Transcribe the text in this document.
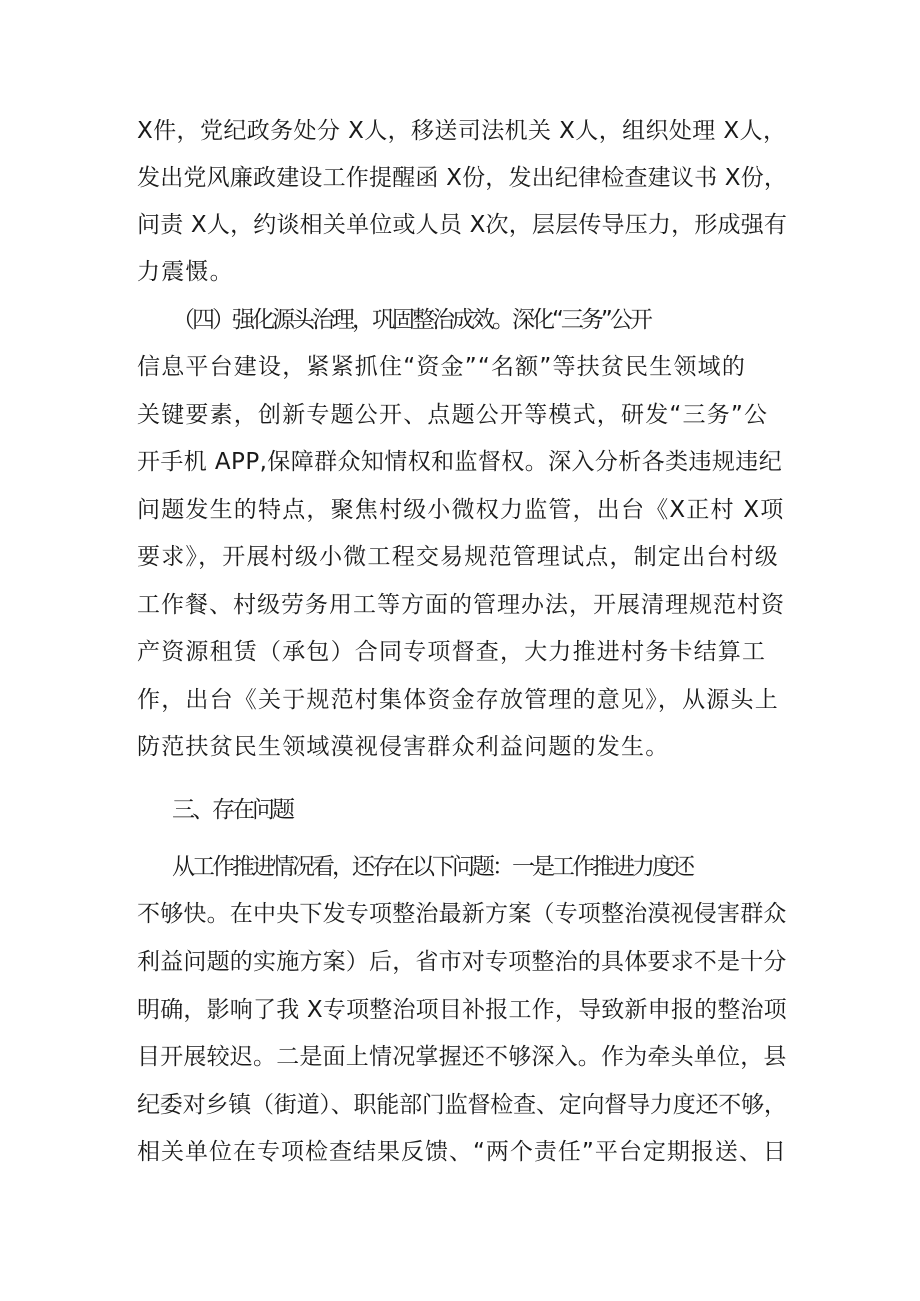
X件，党纪政务处分 X人，移送司法机关 X人，组织处理 X人，
发出党风廉政建设工作提醒函 X份，发出纪律检查建议书 X份，
问责 X人，约谈相关单位或人员 X次，层层传导压力，形成强有
力震慑。
（四）强化源头治理，巩固整治成效。深化“三务”公开
信息平台建设，紧紧抓住“资金”“名额”等扶贫民生领域的
关键要素，创新专题公开、点题公开等模式，研发“三务”公
开手机 APP,保障群众知情权和监督权。深入分析各类违规违纪
问题发生的特点，聚焦村级小微权力监管，出台《X正村 X项
要求》，开展村级小微工程交易规范管理试点，制定出台村级
工作餐、村级劳务用工等方面的管理办法，开展清理规范村资
产资源租赁（承包）合同专项督查，大力推进村务卡结算工
作，出台《关于规范村集体资金存放管理的意见》，从源头上
防范扶贫民生领域漠视侵害群众利益问题的发生。
三、存在问题
从工作推进情况看，还存在以下问题：一是工作推进力度还
不够快。在中央下发专项整治最新方案（专项整治漠视侵害群众
利益问题的实施方案）后，省市对专项整治的具体要求不是十分
明确，影响了我 X专项整治项目补报工作，导致新申报的整治项
目开展较迟。二是面上情况掌握还不够深入。作为牵头单位，县
纪委对乡镇（街道）、职能部门监督检查、定向督导力度还不够，
相关单位在专项检查结果反馈、“两个责任”平台定期报送、日
